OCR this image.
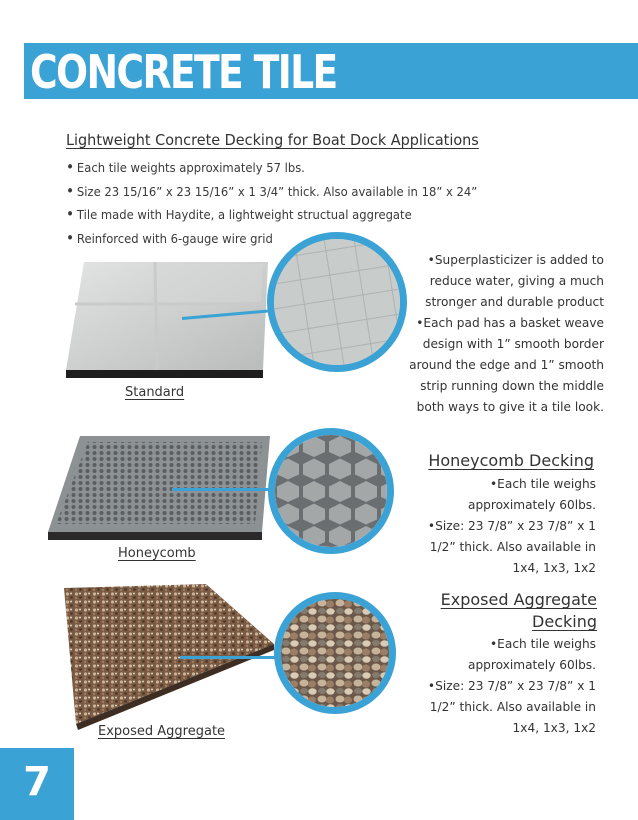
CONCRETE TILE
Lightweight Concrete Decking for Boat Dock Applications
• Each tile weights approximately 57 lbs.
• Size 23 15/16” x 23 15/16” x 1 3/4” thick. Also available in 18” x 24”
• Tile made with Haydite, a lightweight structual aggregate
• Reinforced with 6-gauge wire grid
Standard
• Superplasticizer is added to
reduce water, giving a much
stronger and durable product
• Each pad has a basket weave
design with 1” smooth border
around the edge and 1” smooth
strip running down the middle
both ways to give it a tile look.
Honeycomb
Honeycomb Decking
• Each tile weighs
approximately 60lbs.
• Size: 23 7/8” x 23 7/8” x 1
1/2” thick. Also available in
1x4, 1x3, 1x2
Exposed Aggregate
Exposed Aggregate
Decking
• Each tile weighs
approximately 60lbs.
• Size: 23 7/8” x 23 7/8” x 1
1/2” thick. Also available in
1x4, 1x3, 1x2
7
